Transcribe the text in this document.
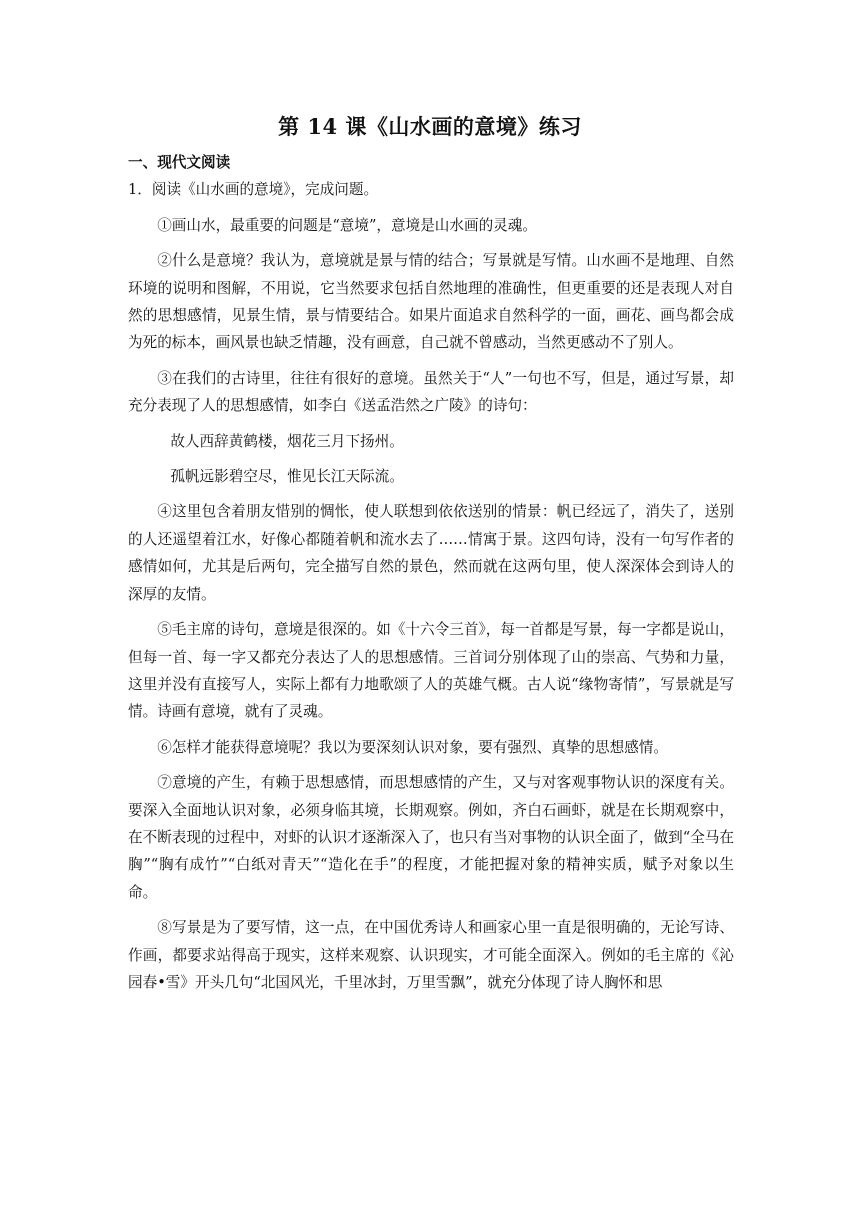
第 14 课《山水画的意境》练习

一、现代文阅读

1．阅读《山水画的意境》，完成问题。

①画山水，最重要的问题是“意境”，意境是山水画的灵魂。

②什么是意境？我认为，意境就是景与情的结合；写景就是写情。山水画不是地理、自然环境的说明和图解，不用说，它当然要求包括自然地理的准确性，但更重要的还是表现人对自然的思想感情，见景生情，景与情要结合。如果片面追求自然科学的一面，画花、画鸟都会成为死的标本，画风景也缺乏情趣，没有画意，自己就不曾感动，当然更感动不了别人。

③在我们的古诗里，往往有很好的意境。虽然关于“人”一句也不写，但是，通过写景，却充分表现了人的思想感情，如李白《送孟浩然之广陵》的诗句：

故人西辞黄鹤楼，烟花三月下扬州。

孤帆远影碧空尽，惟见长江天际流。

④这里包含着朋友惜别的惆怅，使人联想到依依送别的情景：帆已经远了，消失了，送别的人还遥望着江水，好像心都随着帆和流水去了……情寓于景。这四句诗，没有一句写作者的感情如何，尤其是后两句，完全描写自然的景色，然而就在这两句里，使人深深体会到诗人的深厚的友情。

⑤毛主席的诗句，意境是很深的。如《十六令三首》，每一首都是写景，每一字都是说山，但每一首、每一字又都充分表达了人的思想感情。三首词分别体现了山的崇高、气势和力量，这里并没有直接写人，实际上都有力地歌颂了人的英雄气概。古人说“缘物寄情”，写景就是写情。诗画有意境，就有了灵魂。

⑥怎样才能获得意境呢？我以为要深刻认识对象，要有强烈、真挚的思想感情。

⑦意境的产生，有赖于思想感情，而思想感情的产生，又与对客观事物认识的深度有关。要深入全面地认识对象，必须身临其境，长期观察。例如，齐白石画虾，就是在长期观察中，在不断表现的过程中，对虾的认识才逐渐深入了，也只有当对事物的认识全面了，做到“全马在胸”“胸有成竹”“白纸对青天”“造化在手”的程度，才能把握对象的精神实质，赋予对象以生命。

⑧写景是为了要写情，这一点，在中国优秀诗人和画家心里一直是很明确的，无论写诗、作画，都要求站得高于现实，这样来观察、认识现实，才可能全面深入。例如的毛主席的《沁园春•雪》开头几句“北国风光，千里冰封，万里雪飘”，就充分体现了诗人胸怀和思
